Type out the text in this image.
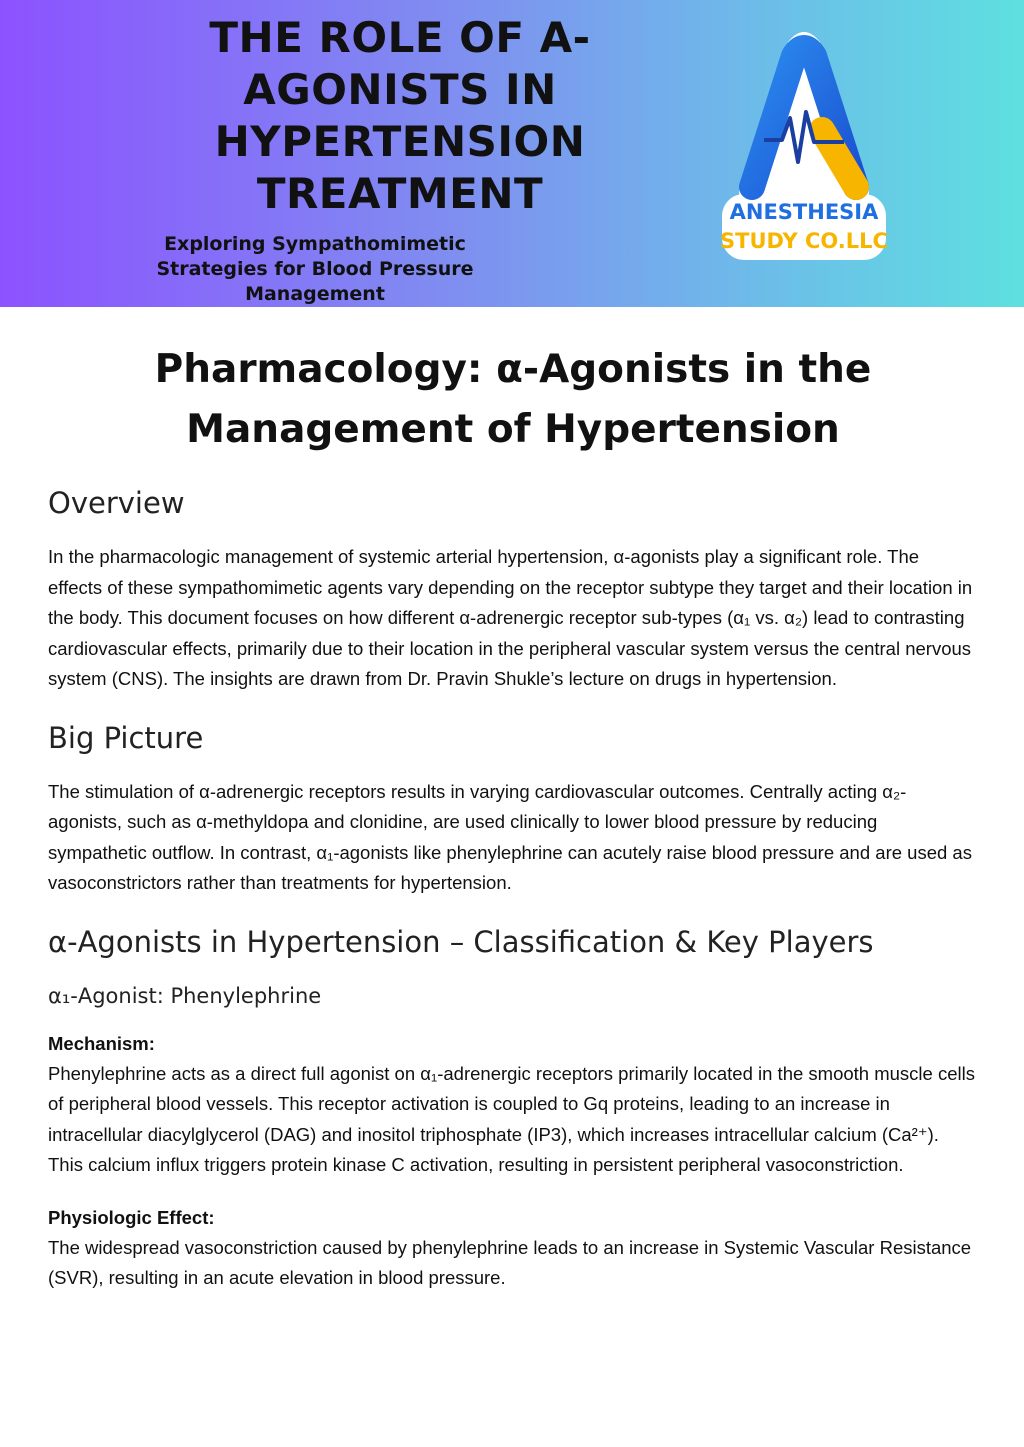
THE ROLE OF Α-AGONISTS IN HYPERTENSION TREATMENT
Exploring Sympathomimetic Strategies for Blood Pressure Management
ANESTHESIA
STUDY CO.LLC
Pharmacology: α-Agonists in the Management of Hypertension
Overview

In the pharmacologic management of systemic arterial hypertension, α-agonists play a significant role. The effects of these sympathomimetic agents vary depending on the receptor subtype they target and their location in the body. This document focuses on how different α-adrenergic receptor sub-types (α₁ vs. α₂) lead to contrasting cardiovascular effects, primarily due to their location in the peripheral vascular system versus the central nervous system (CNS). The insights are drawn from Dr. Pravin Shukle’s lecture on drugs in hypertension.

Big Picture

The stimulation of α-adrenergic receptors results in varying cardiovascular outcomes. Centrally acting α₂-agonists, such as α-methyldopa and clonidine, are used clinically to lower blood pressure by reducing sympathetic outflow. In contrast, α₁-agonists like phenylephrine can acutely raise blood pressure and are used as vasoconstrictors rather than treatments for hypertension.

α-Agonists in Hypertension – Classification & Key Players
α₁-Agonist: Phenylephrine
Mechanism:

Phenylephrine acts as a direct full agonist on α₁-adrenergic receptors primarily located in the smooth muscle cells of peripheral blood vessels. This receptor activation is coupled to Gq proteins, leading to an increase in intracellular diacylglycerol (DAG) and inositol triphosphate (IP3), which increases intracellular calcium (Ca²⁺). This calcium influx triggers protein kinase C activation, resulting in persistent peripheral vasoconstriction.

Physiologic Effect:

The widespread vasoconstriction caused by phenylephrine leads to an increase in Systemic Vascular Resistance (SVR), resulting in an acute elevation in blood pressure.
